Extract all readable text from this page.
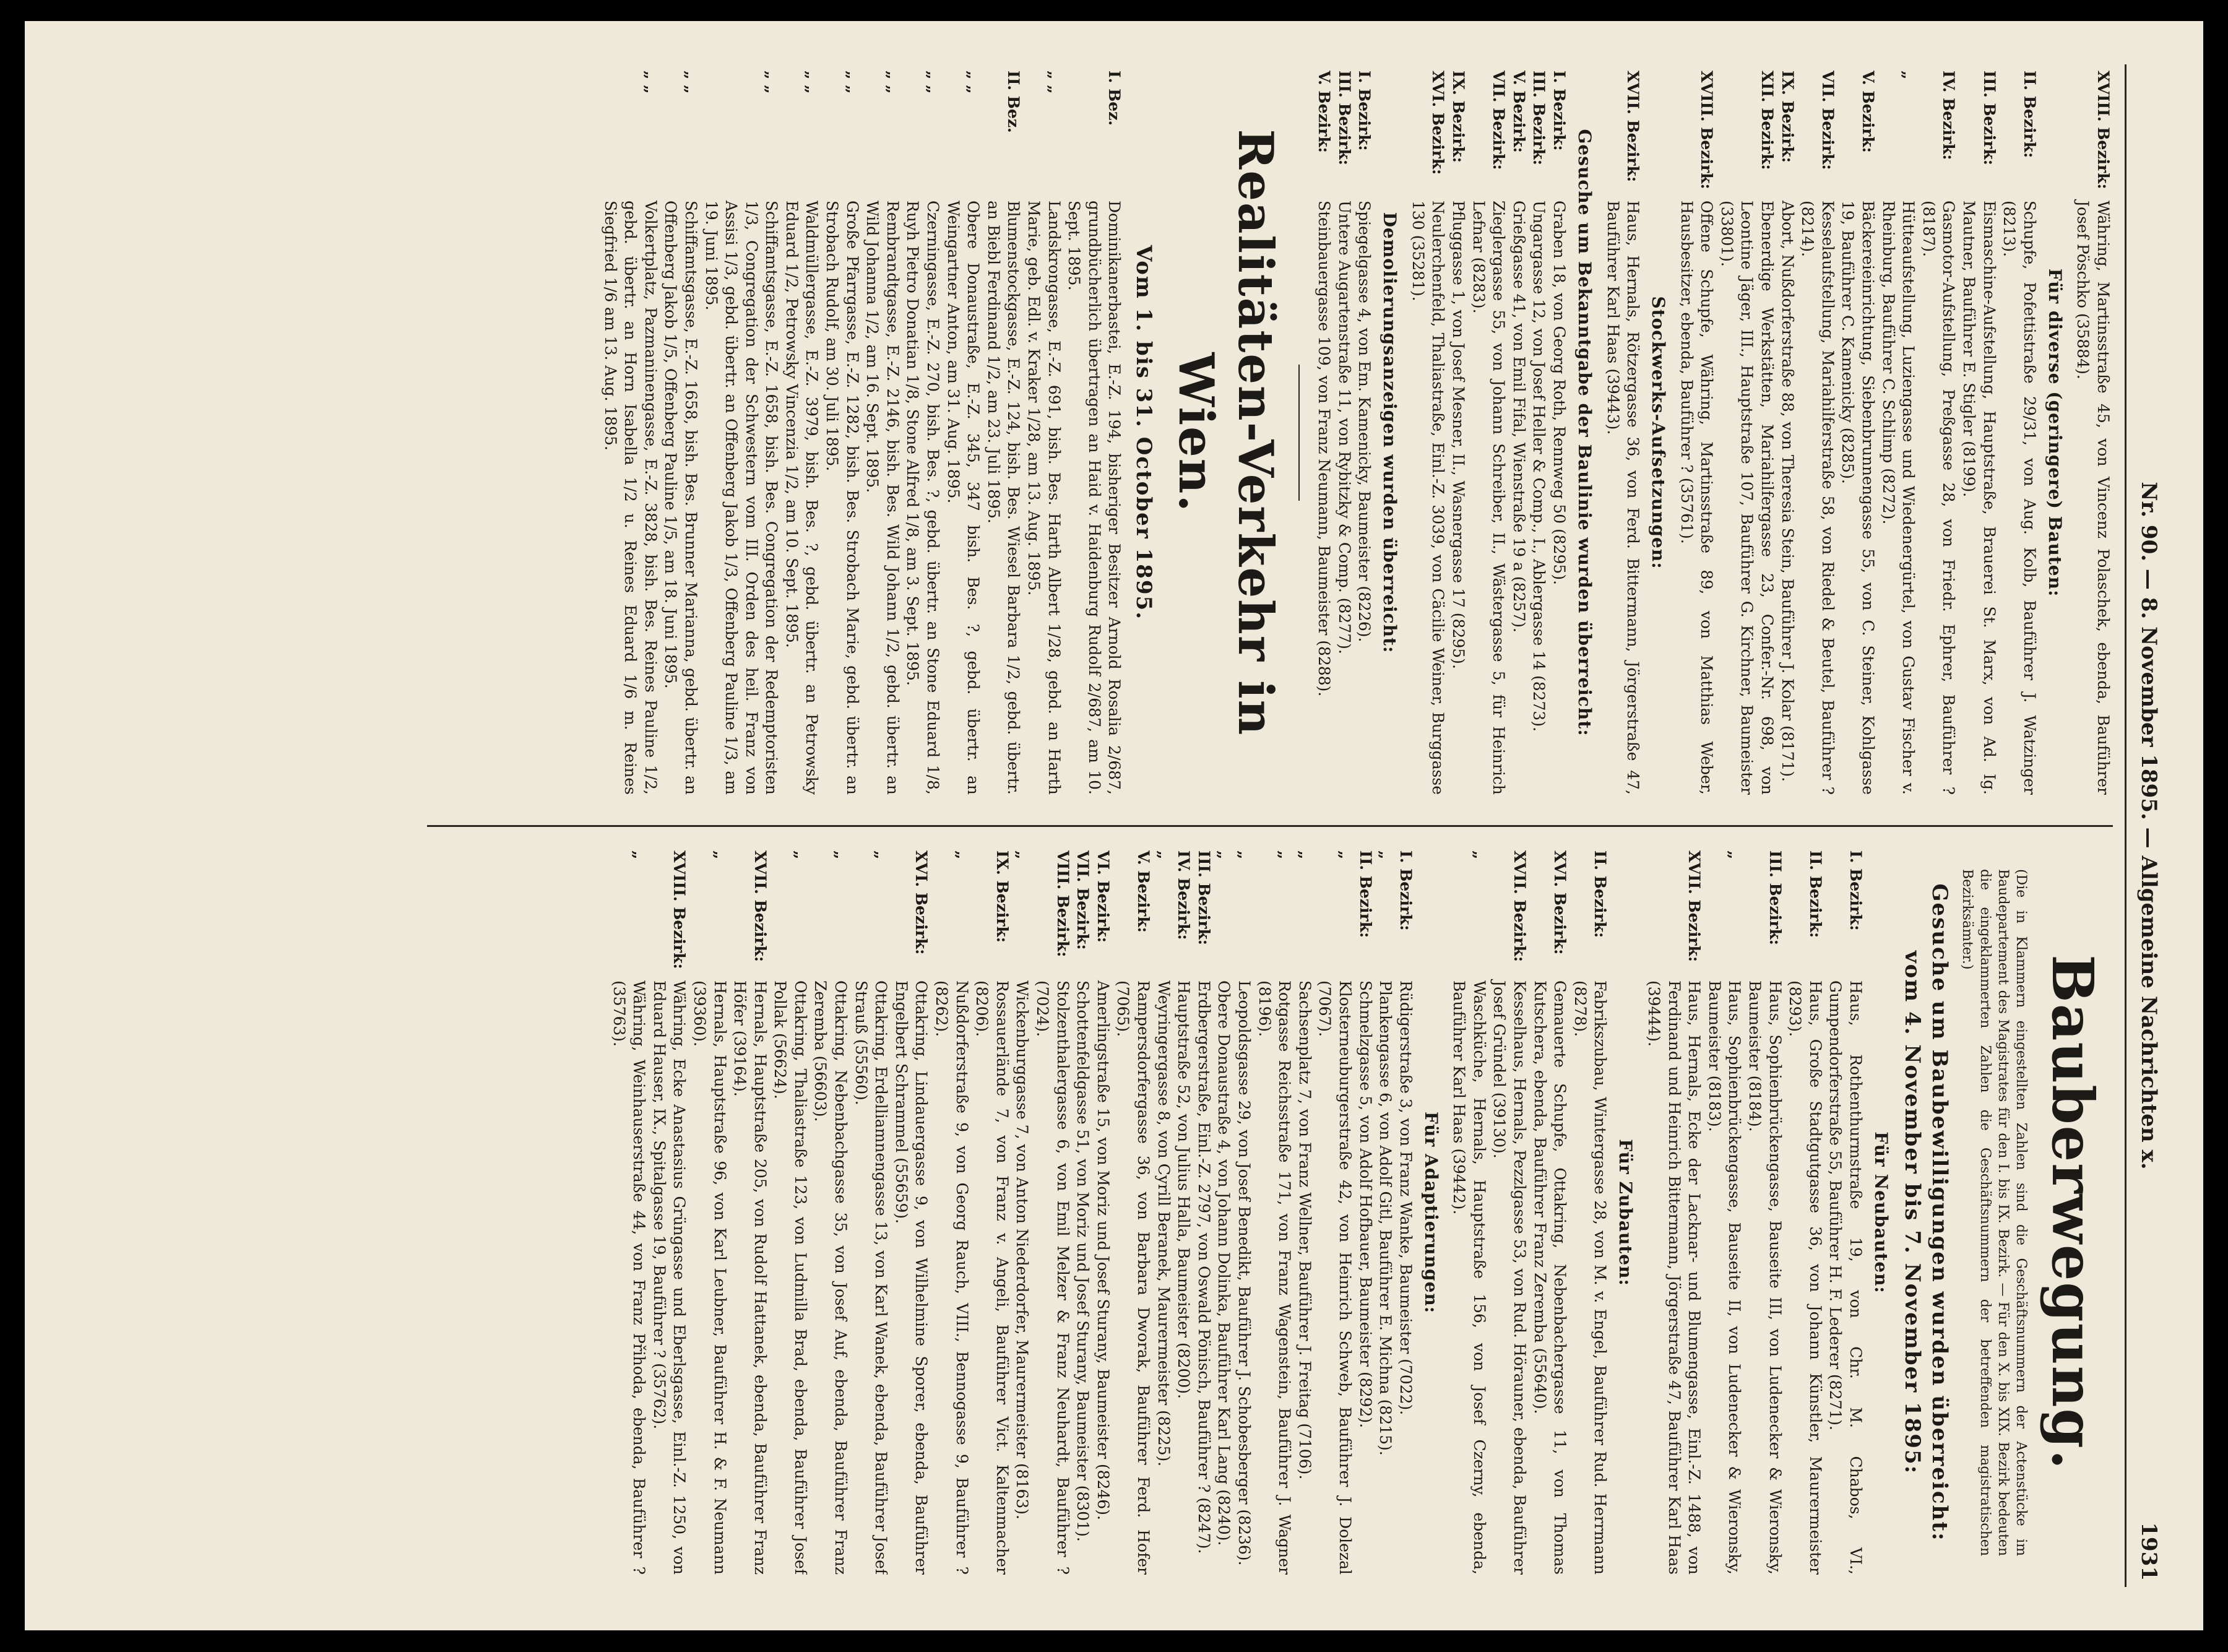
Nr. 90. — 8. November 1895. — Allgemeine Nachrichten x.
1931
XVIII. Bezirk:
Währing, Martinsstraße 45, von Vincenz Polaschek, ebenda, Bauführer Josef Pöschko (35884).
Für diverse (geringere) Bauten:
II. Bezirk:
Schupfe, Pofettistraße 29/31, von Aug. Kolb, Bauführer J. Watzinger (8213).
III. Bezirk:
Eismaschine-Aufstellung, Hauptstraße, Brauerei St. Marx, von Ad. Ig. Mautner, Bauführer E. Stigler (8199).
IV. Bezirk:
Gasmotor-Aufstellung, Preßgasse 28, von Friedr. Ephrer, Bauführer ? (8187).
„
Hütteaufstellung, Luziengasse und Wiedenergürtel, von Gustav Fischer v. Rheinburg, Bauführer C. Schlimp (8272).
V. Bezirk:
Bäckereieinrichtung, Siebenbrunnengasse 55, von C. Steiner, Kohlgasse 19, Bauführer C. Kamenicky (8285).
VII. Bezirk:
Kesselaufstellung, Mariahilferstraße 58, von Riedel & Beutel, Bauführer ? (8214).
IX. Bezirk:
Abort, Nußdorferstraße 88, von Theresia Stein, Bauführer J. Kolar (8171).
XII. Bezirk:
Ebenerdige Werkstätten, Mariahilfergasse 23, Confer.-Nr. 698, von Leontine Jäger, III., Hauptstraße 107, Bauführer G. Kirchner, Baumeister (33801).
XVIII. Bezirk:
Offene Schupfe, Währing, Martinsstraße 89, von Matthias Weber, Hausbesitzer, ebenda, Bauführer ? (35761).
Stockwerks-Aufsetzungen:
XVII. Bezirk:
Haus, Hernals, Rötzergasse 36, von Ferd. Bittermann, Jörgerstraße 47, Bauführer Karl Haas (39443).
Gesuche um Bekanntgabe der Baulinie wurden überreicht:
I. Bezirk:
Graben 18, von Georg Roth, Rennweg 50 (8295).
III. Bezirk:
Ungargasse 12, von Josef Heller & Comp., I., Ablergasse 14 (8273).
V. Bezirk:
Grießgasse 41, von Emil Fifal, Wienstraße 19 a (8257).
VII. Bezirk:
Zieglergasse 55, von Johann Schreiber, II., Wästergasse 5, für Heinrich Lefnar (8283).
IX. Bezirk:
Pfluggasse 1, von Josef Mesner, II., Wasnergasse 17 (8295).
XVI. Bezirk:
Neulerchenfeld, Thaliastraße, Einl.-Z. 3039, von Cäcilie Weiner, Burggasse 130 (35281).
Demolierungsanzeigen wurden überreicht:
I. Bezirk:
Spiegelgasse 4, von Em. Kamenicky, Baumeister (8226).
III. Bezirk:
Untere Augartenstraße 11, von Rybitzky & Comp. (8277).
V. Bezirk:
Steinbauergasse 109, von Franz Neumann, Baumeister (8288).
Realitäten-Verkehr in Wien.
Vom 1. bis 31. October 1895.
I. Bez.
Dominikanerbastei, E.-Z. 194, bisheriger Besitzer Arnold Rosalia 2/687, grundbücherlich übertragen an Haid v. Haidenburg Rudolf 2/687, am 10. Sept. 1895.
„ „
Landskrongasse, E.-Z. 691, bish. Bes. Harth Albert 1/28, gebd. an Harth Marie, geb. Edl. v. Kraker 1/28, am 13. Aug. 1895.
II. Bez.
Blumenstockgasse, E.-Z. 124, bish. Bes. Wiesel Barbara 1/2, gebd. übertr. an Biebl Ferdinand 1/2, am 23. Juli 1895.
„ „
Obere Donaustraße, E.-Z. 345, 347 bish. Bes. ?, gebd. übertr. an Weingartner Anton, am 31. Aug. 1895.
„ „
Czerningasse, E.-Z. 270, bish. Bes. ?, gebd. übertr. an Stone Eduard 1/8, Ruyh Pietro Donatian 1/8, Stone Alfred 1/8, am 3. Sept. 1895.
„ „
Rembrandtgasse, E.-Z. 2146, bish. Bes. Wild Johann 1/2, gebd. übertr. an Wild Johanna 1/2, am 16. Sept. 1895.
„ „
Große Pfarrgasse, E.-Z. 1282, bish. Bes. Strobach Marie, gebd. übertr. an Strobach Rudolf, am 30. Juli 1895.
„ „
Waldmüllergasse, E.-Z. 3979, bish. Bes. ?, gebd. übertr. an Petrowsky Eduard 1/2, Petrowsky Vincenzia 1/2, am 10. Sept. 1895.
„ „
Schiffamtsgasse, E.-Z. 1658, bish. Bes. Congregation der Redemptoristen 1/3, Congregation der Schwestern vom III. Orden des heil. Franz von Assisi 1/3, gebd. übertr. an Offenberg Jakob 1/3, Offenberg Pauline 1/3, am 19. Juni 1895.
„ „
Schiffamtsgasse, E.-Z. 1658, bish. Bes. Brunner Marianna, gebd. übertr. an Offenberg Jakob 1/5, Offenberg Pauline 1/5, am 18. Juni 1895.
„ „
Volkertplatz, Pazmaninengasse, E.-Z. 3828, bish. Bes. Reines Pauline 1/2, gebd. übertr. an Horn Isabella 1/2 u. Reines Eduard 1/6 m. Reines Siegfried 1/6 am 13. Aug. 1895.
Bauberwegung.
(Die in Klammern eingestellten Zahlen sind die Geschäftsnummern der Actenstücke im Baudepartement des Magistrates für den I. bis IX. Bezirk. — Für den X. bis XIX. Bezirk bedeuten die eingeklammerten Zahlen die Geschäftsnummern der betreffenden magistratischen Bezirksämter.)
Gesuche um Baubewilligungen wurden überreicht:
vom 4. November bis 7. November 1895:
Für Neubauten:
I. Bezirk:
Haus, Rothenthurmstraße 19, von Chr. M. Chabos, VI., Gumpendorferstraße 55, Bauführer H. F. Lederer (8271).
II. Bezirk:
Haus, Große Stadtgutgasse 36, von Johann Künstler, Maurermeister (8293).
III. Bezirk:
Haus, Sophienbrückengasse, Bauseite III, von Ludenecker & Wieronsky, Baumeister (8184).
„
Haus, Sophienbrückengasse, Bauseite II, von Ludenecker & Wieronsky, Baumeister (8183).
XVII. Bezirk:
Haus, Hernals, Ecke der Lacknar- und Blumengasse, Einl.-Z. 1488, von Ferdinand und Heinrich Bittermann, Jörgerstraße 47, Bauführer Karl Haas (39444).
Für Zubauten:
II. Bezirk:
Fabrikszubau, Wintergasse 28, von M. v. Engel, Bauführer Rud. Herrmann (8278).
XVI. Bezirk:
Gemauerte Schupfe, Ottakring, Nebenbachergasse 11, von Thomas Kutschera, ebenda, Bauführer Franz Zeremba (55640).
XVII. Bezirk:
Kesselhaus, Hernals, Pezzlgasse 53, von Rud. Hörauner, ebenda, Bauführer Josef Gründel (39130).
„
Waschküche, Hernals, Hauptstraße 156, von Josef Czerny, ebenda, Bauführer Karl Haas (39442).
Für Adaptierungen:
I. Bezirk:
Rüdigerstraße 3, von Franz Wanke, Baumeister (7022).
„
Plankengasse 6, von Adolf Gitl, Bauführer E. Michna (8215).
II. Bezirk:
Schmelzgasse 5, von Adolf Hofbauer, Baumeister (8292).
„
Klosterneuburgerstraße 42, von Heinrich Schweb, Bauführer J. Dolezal (7067).
„
Sachsenplatz 7, von Franz Wellner, Bauführer J. Freitag (7106).
„
Rotgasse Reichsstraße 171, von Franz Wagenstein, Bauführer J. Wagner (8196).
„
Leopoldsgasse 29, von Josef Benedikt, Bauführer J. Schobesberger (8236).
„
Obere Donaustraße 4, von Johann Dolinka, Bauführer Karl Lang (8240).
III. Bezirk:
Erdbergerstraße, Einl.-Z. 2797, von Oswald Pönisch, Bauführer ? (8247).
IV. Bezirk:
Hauptstraße 52, von Julius Halla, Baumeister (8200).
„
Weyringergasse 8, von Cyrill Beranek, Maurermeister (8225).
V. Bezirk:
Rampersdorfergasse 36, von Barbara Dworak, Bauführer Ferd. Hofer (7065).
VI. Bezirk:
Amerlingstraße 15, von Moriz und Josef Sturany, Baumeister (8246).
VII. Bezirk:
Schottenfeldgasse 51, von Moriz und Josef Sturany, Baumeister (8301).
VIII. Bezirk:
Stolzenthalergasse 6, von Emil Melzer & Franz Neuhardt, Bauführer ? (7024).
„
Wickenburggasse 7, von Anton Niederdorfer, Maurermeister (8163).
IX. Bezirk:
Rossauerlände 7, von Franz v. Angeli, Bauführer Vict. Kaltenmacher (8206).
„
Nußdorferstraße 9, von Georg Rauch, VIII., Bennogasse 9, Bauführer ? (8262).
XVI. Bezirk:
Ottakring, Lindauergasse 9, von Wilhelmine Sporer, ebenda, Bauführer Engelbert Schrammel (55659).
„
Ottakring, Erdelliamnengasse 13, von Karl Wanek, ebenda, Bauführer Josef Strauß (55560).
„
Ottakring, Nebenbachgasse 35, von Josef Auf, ebenda, Bauführer Franz Zeremba (56603).
„
Ottakring, Thaliastraße 123, von Ludmilla Brad, ebenda, Bauführer Josef Pollak (56624).
XVII. Bezirk:
Hernals, Hauptstraße 205, von Rudolf Hattanek, ebenda, Bauführer Franz Höfer (39164).
„
Hernals, Hauptstraße 96, von Karl Leubner, Bauführer H. & F. Neumann (39360).
XVIII. Bezirk:
Währing, Ecke Anastasius Grüngasse und Eberlsgasse, Einl.-Z. 1250, von Eduard Hauser, IX., Spitalgasse 19, Bauführer ? (35762).
„
Währing, Weinhauserstraße 44, von Franz Přihoda, ebenda, Bauführer ? (35763).
